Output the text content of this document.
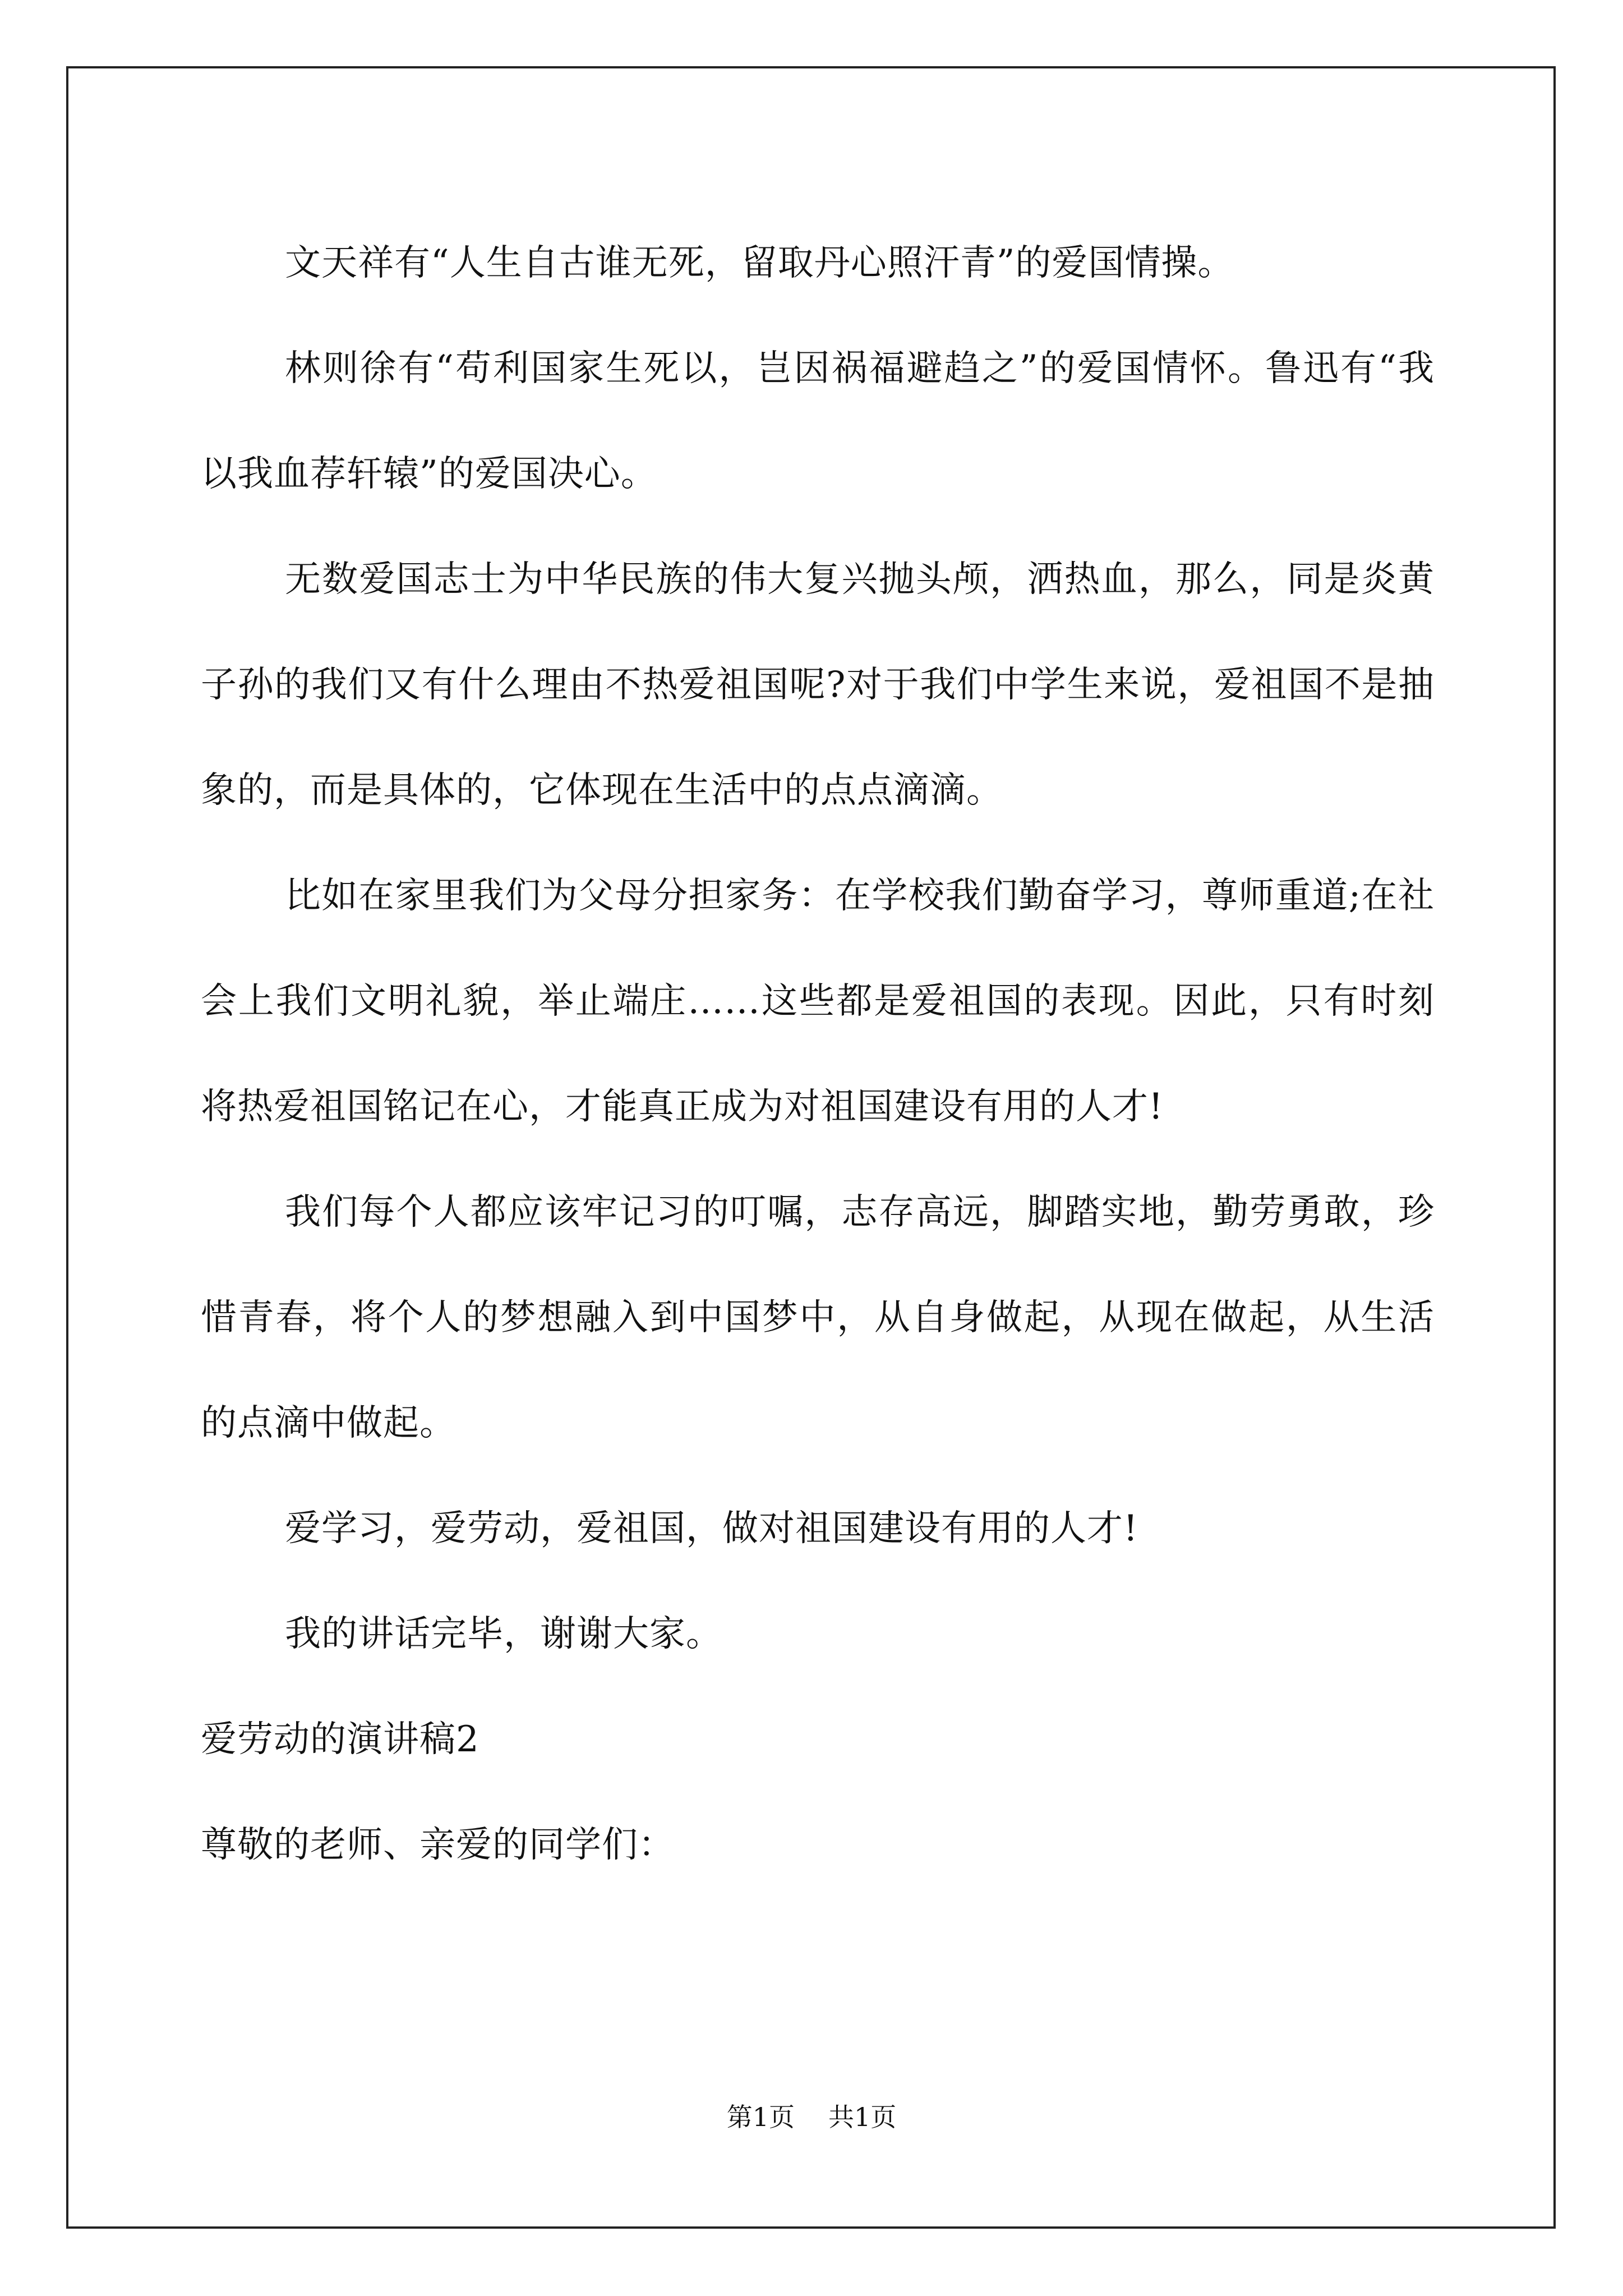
文天祥有“人生自古谁无死，留取丹心照汗青”的爱国情操。

林则徐有“苟利国家生死以，岂因祸福避趋之”的爱国情怀。鲁迅有“我以我血荐轩辕”的爱国决心。

无数爱国志士为中华民族的伟大复兴抛头颅，洒热血，那么，同是炎黄子孙的我们又有什么理由不热爱祖国呢?对于我们中学生来说，爱祖国不是抽象的，而是具体的，它体现在生活中的点点滴滴。

比如在家里我们为父母分担家务：在学校我们勤奋学习，尊师重道;在社会上我们文明礼貌，举止端庄……这些都是爱祖国的表现。因此，只有时刻将热爱祖国铭记在心，才能真正成为对祖国建设有用的人才!

我们每个人都应该牢记习的叮嘱，志存高远，脚踏实地，勤劳勇敢，珍惜青春，将个人的梦想融入到中国梦中，从自身做起，从现在做起，从生活的点滴中做起。

爱学习，爱劳动，爱祖国，做对祖国建设有用的人才!

我的讲话完毕，谢谢大家。

爱劳动的演讲稿2

尊敬的老师、亲爱的同学们：

第1页 共1页
